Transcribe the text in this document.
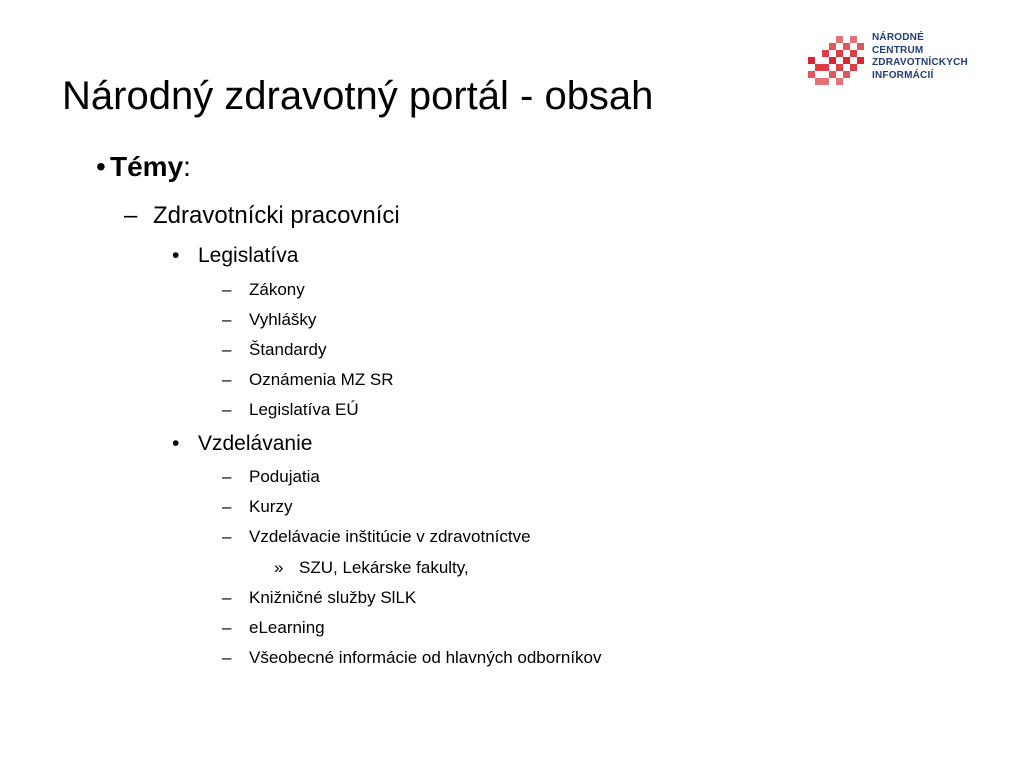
Národný zdravotný portál - obsah
NÁRODNÉ
CENTRUM
ZDRAVOTNÍCKYCH
INFORMÁCIÍ
• Témy:
– Zdravotnícki pracovníci
• Legislatíva
– Zákony
– Vyhlášky
– Štandardy
– Oznámenia MZ SR
– Legislatíva EÚ
• Vzdelávanie
– Podujatia
– Kurzy
– Vzdelávacie inštitúcie v zdravotníctve
» SZU, Lekárske fakulty,
– Knižničné služby SlLK
– eLearning
– Všeobecné informácie od hlavných odborníkov
